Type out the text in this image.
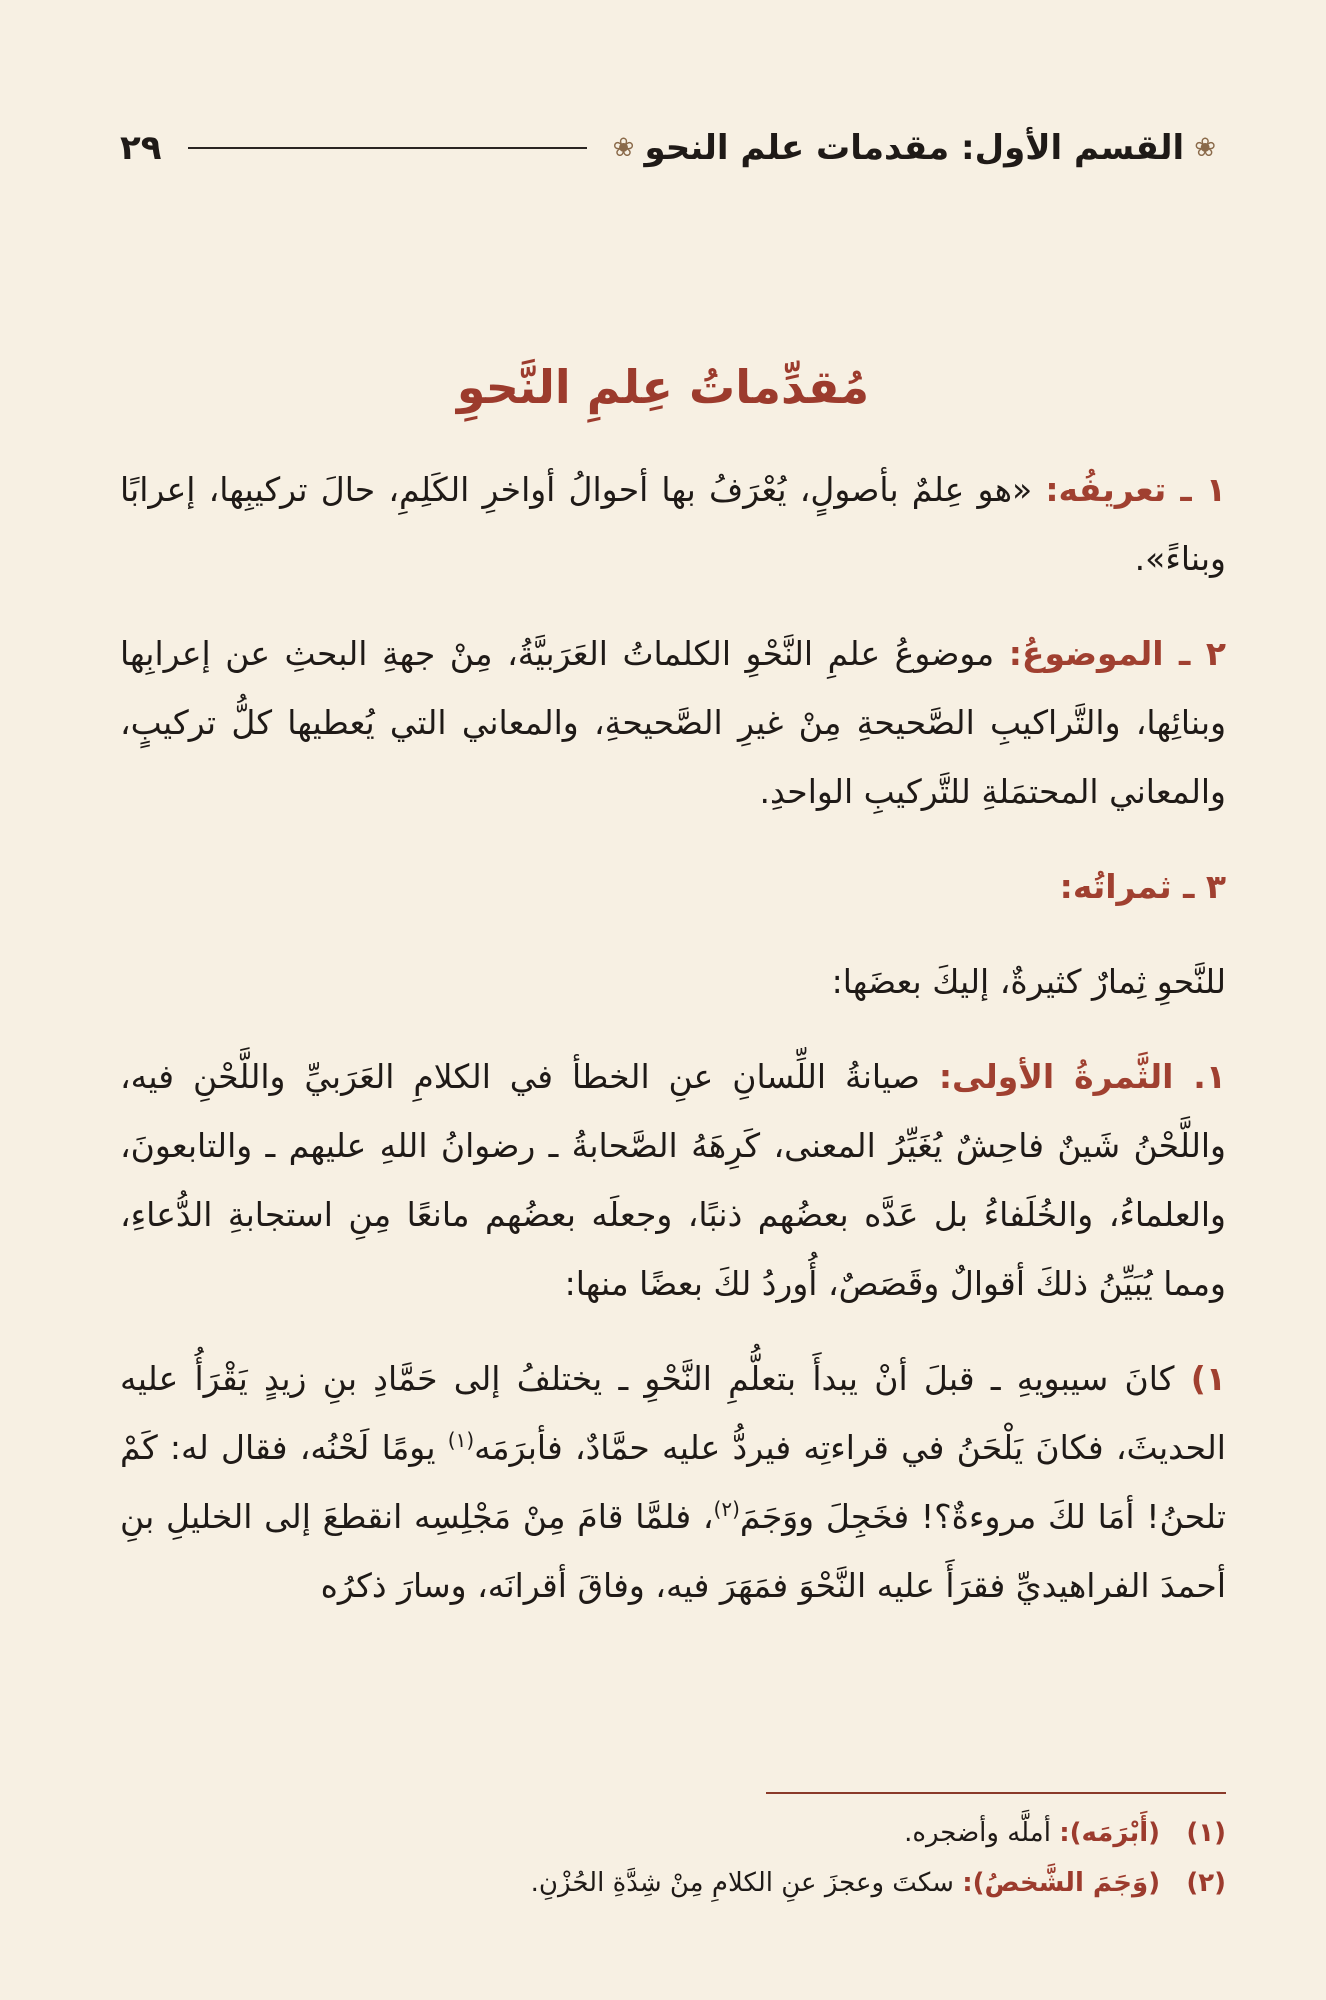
❀
القسم الأول: مقدمات علم النحو
❀
٢٩
مُقدِّماتُ عِلمِ النَّحوِ

١ ـ تعريفُه: «هو عِلمٌ بأصولٍ، يُعْرَفُ بها أحوالُ أواخرِ الكَلِمِ، حالَ تركيبِها، إعرابًا وبناءً».

٢ ـ الموضوعُ: موضوعُ علمِ النَّحْوِ الكلماتُ العَرَبيَّةُ، مِنْ جهةِ البحثِ عن إعرابِها وبنائِها، والتَّراكيبِ الصَّحيحةِ مِنْ غيرِ الصَّحيحةِ، والمعاني التي يُعطيها كلُّ تركيبٍ، والمعاني المحتمَلةِ للتَّركيبِ الواحدِ.

٣ ـ ثمراتُه:

للنَّحوِ ثِمارٌ كثيرةٌ، إليكَ بعضَها:

١. الثَّمرةُ الأولى: صيانةُ اللِّسانِ عنِ الخطأ في الكلامِ العَرَبيِّ واللَّحْنِ فيه، واللَّحْنُ شَينٌ فاحِشٌ يُغَيِّرُ المعنى، كَرِهَهُ الصَّحابةُ ـ رضوانُ اللهِ عليهم ـ والتابعونَ، والعلماءُ، والخُلَفاءُ بل عَدَّه بعضُهم ذنبًا، وجعلَه بعضُهم مانعًا مِنِ استجابةِ الدُّعاءِ، ومما يُبَيِّنُ ذلكَ أقوالٌ وقَصَصٌ، أُوردُ لكَ بعضًا منها:

١) كانَ سيبويهِ ـ قبلَ أنْ يبدأَ بتعلُّمِ النَّحْوِ ـ يختلفُ إلى حَمَّادِ بنِ زيدٍ يَقْرَأُ عليه الحديثَ، فكانَ يَلْحَنُ في قراءتِه فيردُّ عليه حمَّادٌ، فأبرَمَه$^{(١)}$ يومًا لَحْنُه، فقال له: كَمْ تلحنُ! أمَا لكَ مروءةٌ؟! فخَجِلَ ووَجَمَ$^{(٢)}$، فلمَّا قامَ مِنْ مَجْلِسِه انقطعَ إلى الخليلِ بنِ أحمدَ الفراهيديِّ فقرَأَ عليه النَّحْوَ فمَهَرَ فيه، وفاقَ أقرانَه، وسارَ ذكرُه

(١) (أَبْرَمَه): أملَّه وأضجره.
(٢) (وَجَمَ الشَّخصُ): سكتَ وعجزَ عنِ الكلامِ مِنْ شِدَّةِ الحُزْنِ.
